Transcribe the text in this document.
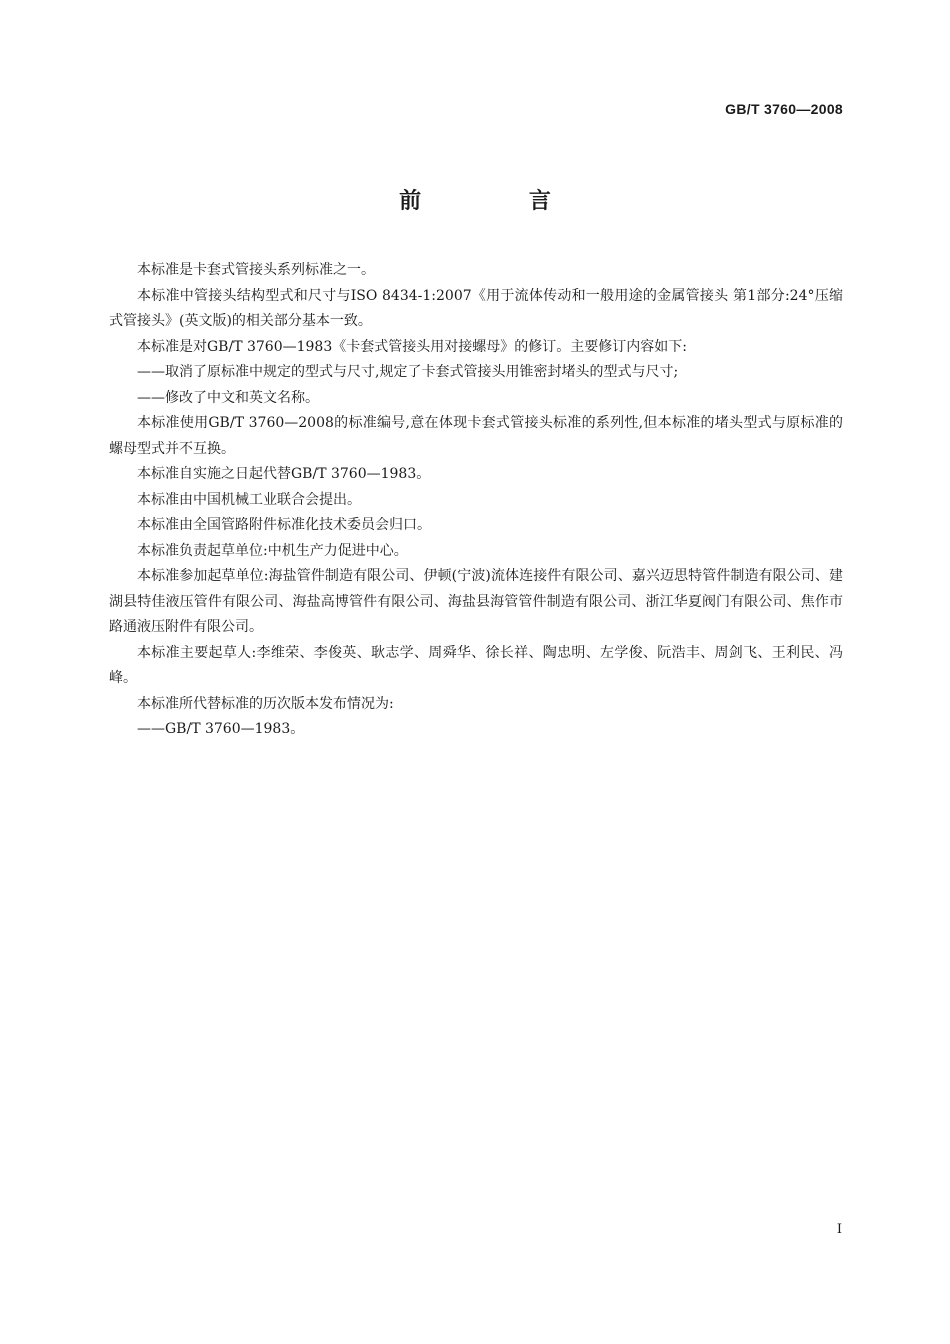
GB/T 3760—2008
前 言

本标准是卡套式管接头系列标准之一。

本标准中管接头结构型式和尺寸与ISO 8434-1:2007《用于流体传动和一般用途的金属管接头 第1部分:24°压缩式管接头》(英文版)的相关部分基本一致。

本标准是对GB/T 3760—1983《卡套式管接头用对接螺母》的修订。主要修订内容如下:

——取消了原标准中规定的型式与尺寸,规定了卡套式管接头用锥密封堵头的型式与尺寸;

——修改了中文和英文名称。

本标准使用GB/T 3760—2008的标准编号,意在体现卡套式管接头标准的系列性,但本标准的堵头型式与原标准的螺母型式并不互换。

本标准自实施之日起代替GB/T 3760—1983。

本标准由中国机械工业联合会提出。

本标准由全国管路附件标准化技术委员会归口。

本标准负责起草单位:中机生产力促进中心。

本标准参加起草单位:海盐管件制造有限公司、伊顿(宁波)流体连接件有限公司、嘉兴迈思特管件制造有限公司、建湖县特佳液压管件有限公司、海盐高博管件有限公司、海盐县海管管件制造有限公司、浙江华夏阀门有限公司、焦作市路通液压附件有限公司。

本标准主要起草人:李维荣、李俊英、耿志学、周舜华、徐长祥、陶忠明、左学俊、阮浩丰、周剑飞、王利民、冯峰。

本标准所代替标准的历次版本发布情况为:

——GB/T 3760—1983。

I
